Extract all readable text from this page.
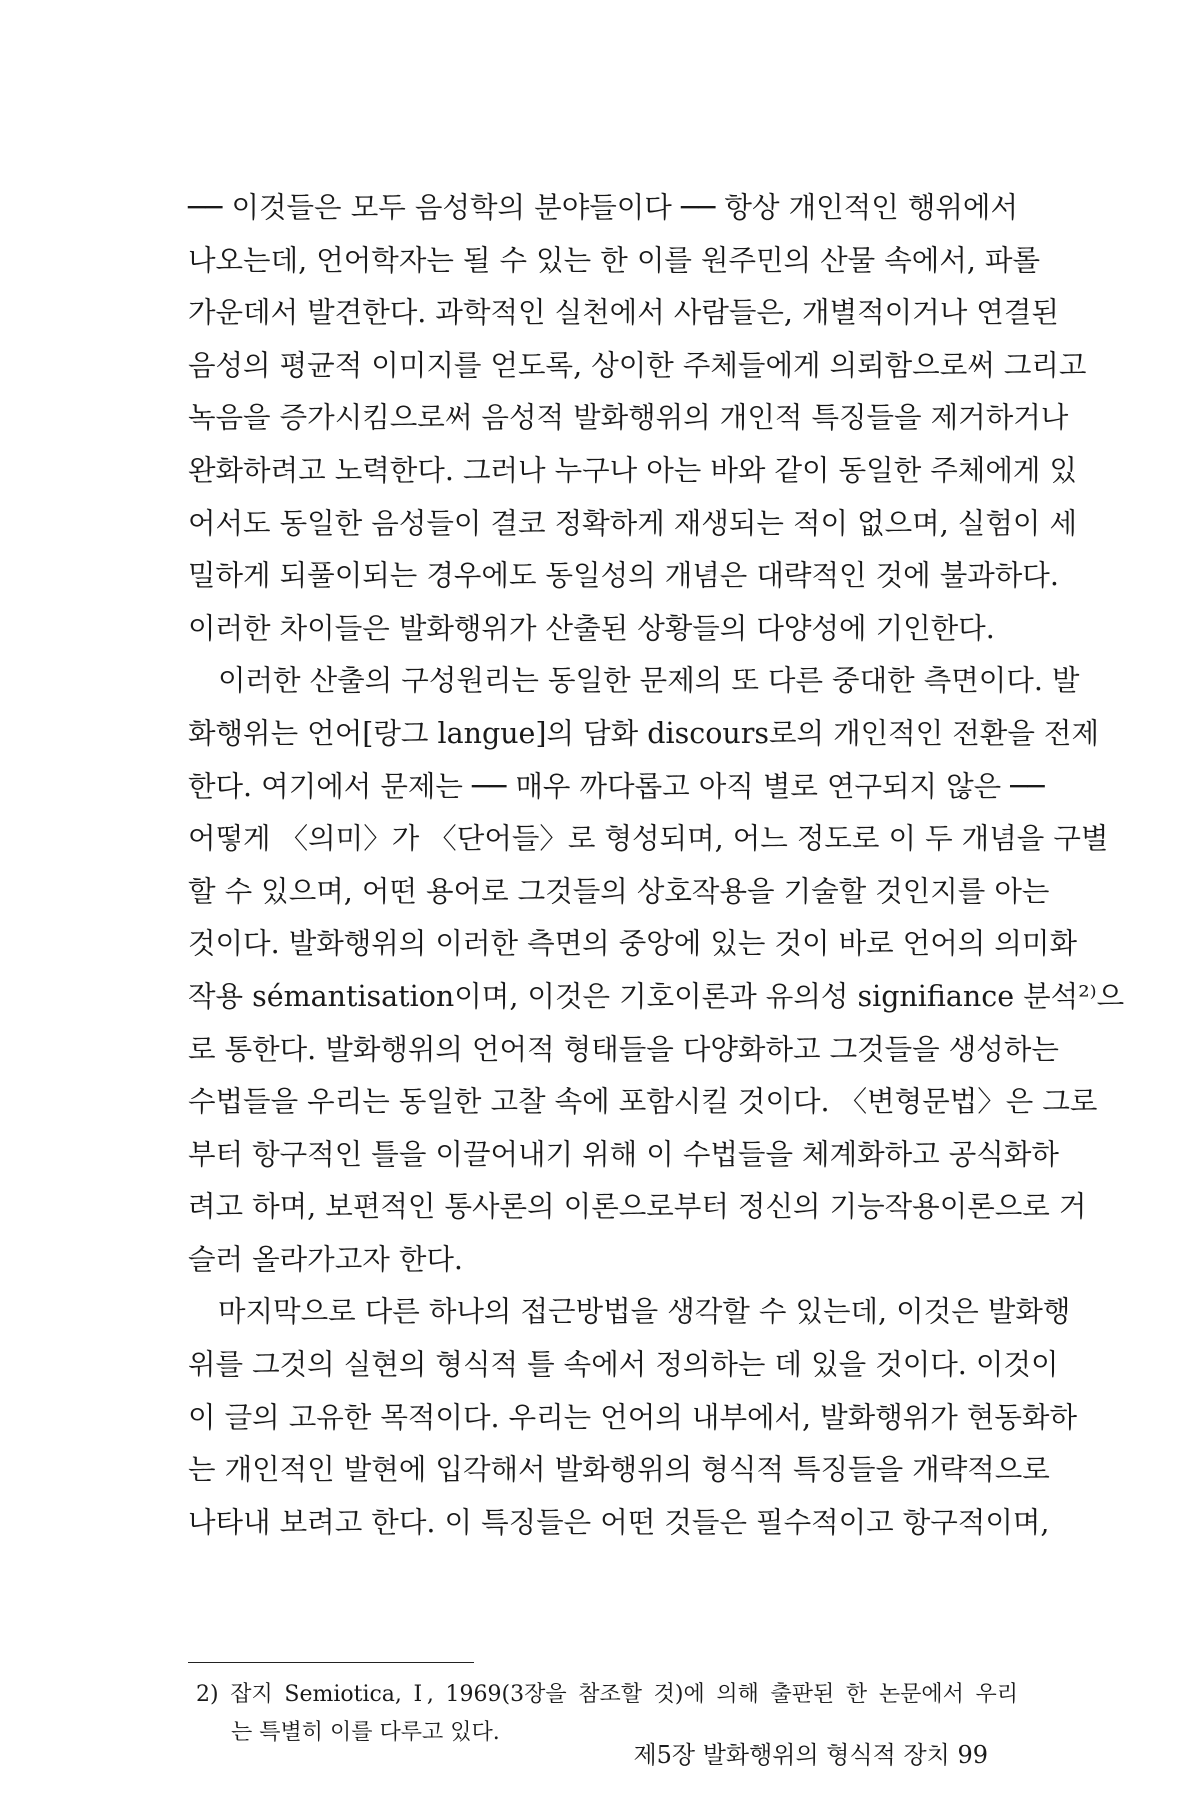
── 이것들은 모두 음성학의 분야들이다 ── 항상 개인적인 행위에서
나오는데, 언어학자는 될 수 있는 한 이를 원주민의 산물 속에서, 파롤
가운데서 발견한다. 과학적인 실천에서 사람들은, 개별적이거나 연결된
음성의 평균적 이미지를 얻도록, 상이한 주체들에게 의뢰함으로써 그리고
녹음을 증가시킴으로써 음성적 발화행위의 개인적 특징들을 제거하거나
완화하려고 노력한다. 그러나 누구나 아는 바와 같이 동일한 주체에게 있
어서도 동일한 음성들이 결코 정확하게 재생되는 적이 없으며, 실험이 세
밀하게 되풀이되는 경우에도 동일성의 개념은 대략적인 것에 불과하다.
이러한 차이들은 발화행위가 산출된 상황들의 다양성에 기인한다.
이러한 산출의 구성원리는 동일한 문제의 또 다른 중대한 측면이다. 발
화행위는 언어[랑그 langue]의 담화 discours로의 개인적인 전환을 전제
한다. 여기에서 문제는 ── 매우 까다롭고 아직 별로 연구되지 않은 ──
어떻게 〈의미〉가 〈단어들〉로 형성되며, 어느 정도로 이 두 개념을 구별
할 수 있으며, 어떤 용어로 그것들의 상호작용을 기술할 것인지를 아는
것이다. 발화행위의 이러한 측면의 중앙에 있는 것이 바로 언어의 의미화
작용 sémantisation이며, 이것은 기호이론과 유의성 signifiance 분석²⁾으
로 통한다. 발화행위의 언어적 형태들을 다양화하고 그것들을 생성하는
수법들을 우리는 동일한 고찰 속에 포함시킬 것이다. 〈변형문법〉은 그로
부터 항구적인 틀을 이끌어내기 위해 이 수법들을 체계화하고 공식화하
려고 하며, 보편적인 통사론의 이론으로부터 정신의 기능작용이론으로 거
슬러 올라가고자 한다.
마지막으로 다른 하나의 접근방법을 생각할 수 있는데, 이것은 발화행
위를 그것의 실현의 형식적 틀 속에서 정의하는 데 있을 것이다. 이것이
이 글의 고유한 목적이다. 우리는 언어의 내부에서, 발화행위가 현동화하
는 개인적인 발현에 입각해서 발화행위의 형식적 특징들을 개략적으로
나타내 보려고 한다. 이 특징들은 어떤 것들은 필수적이고 항구적이며,
2) 잡지 Semiotica, Ⅰ, 1969(3장을 참조할 것)에 의해 출판된 한 논문에서 우리
는 특별히 이를 다루고 있다.
제5장 발화행위의 형식적 장치 99
